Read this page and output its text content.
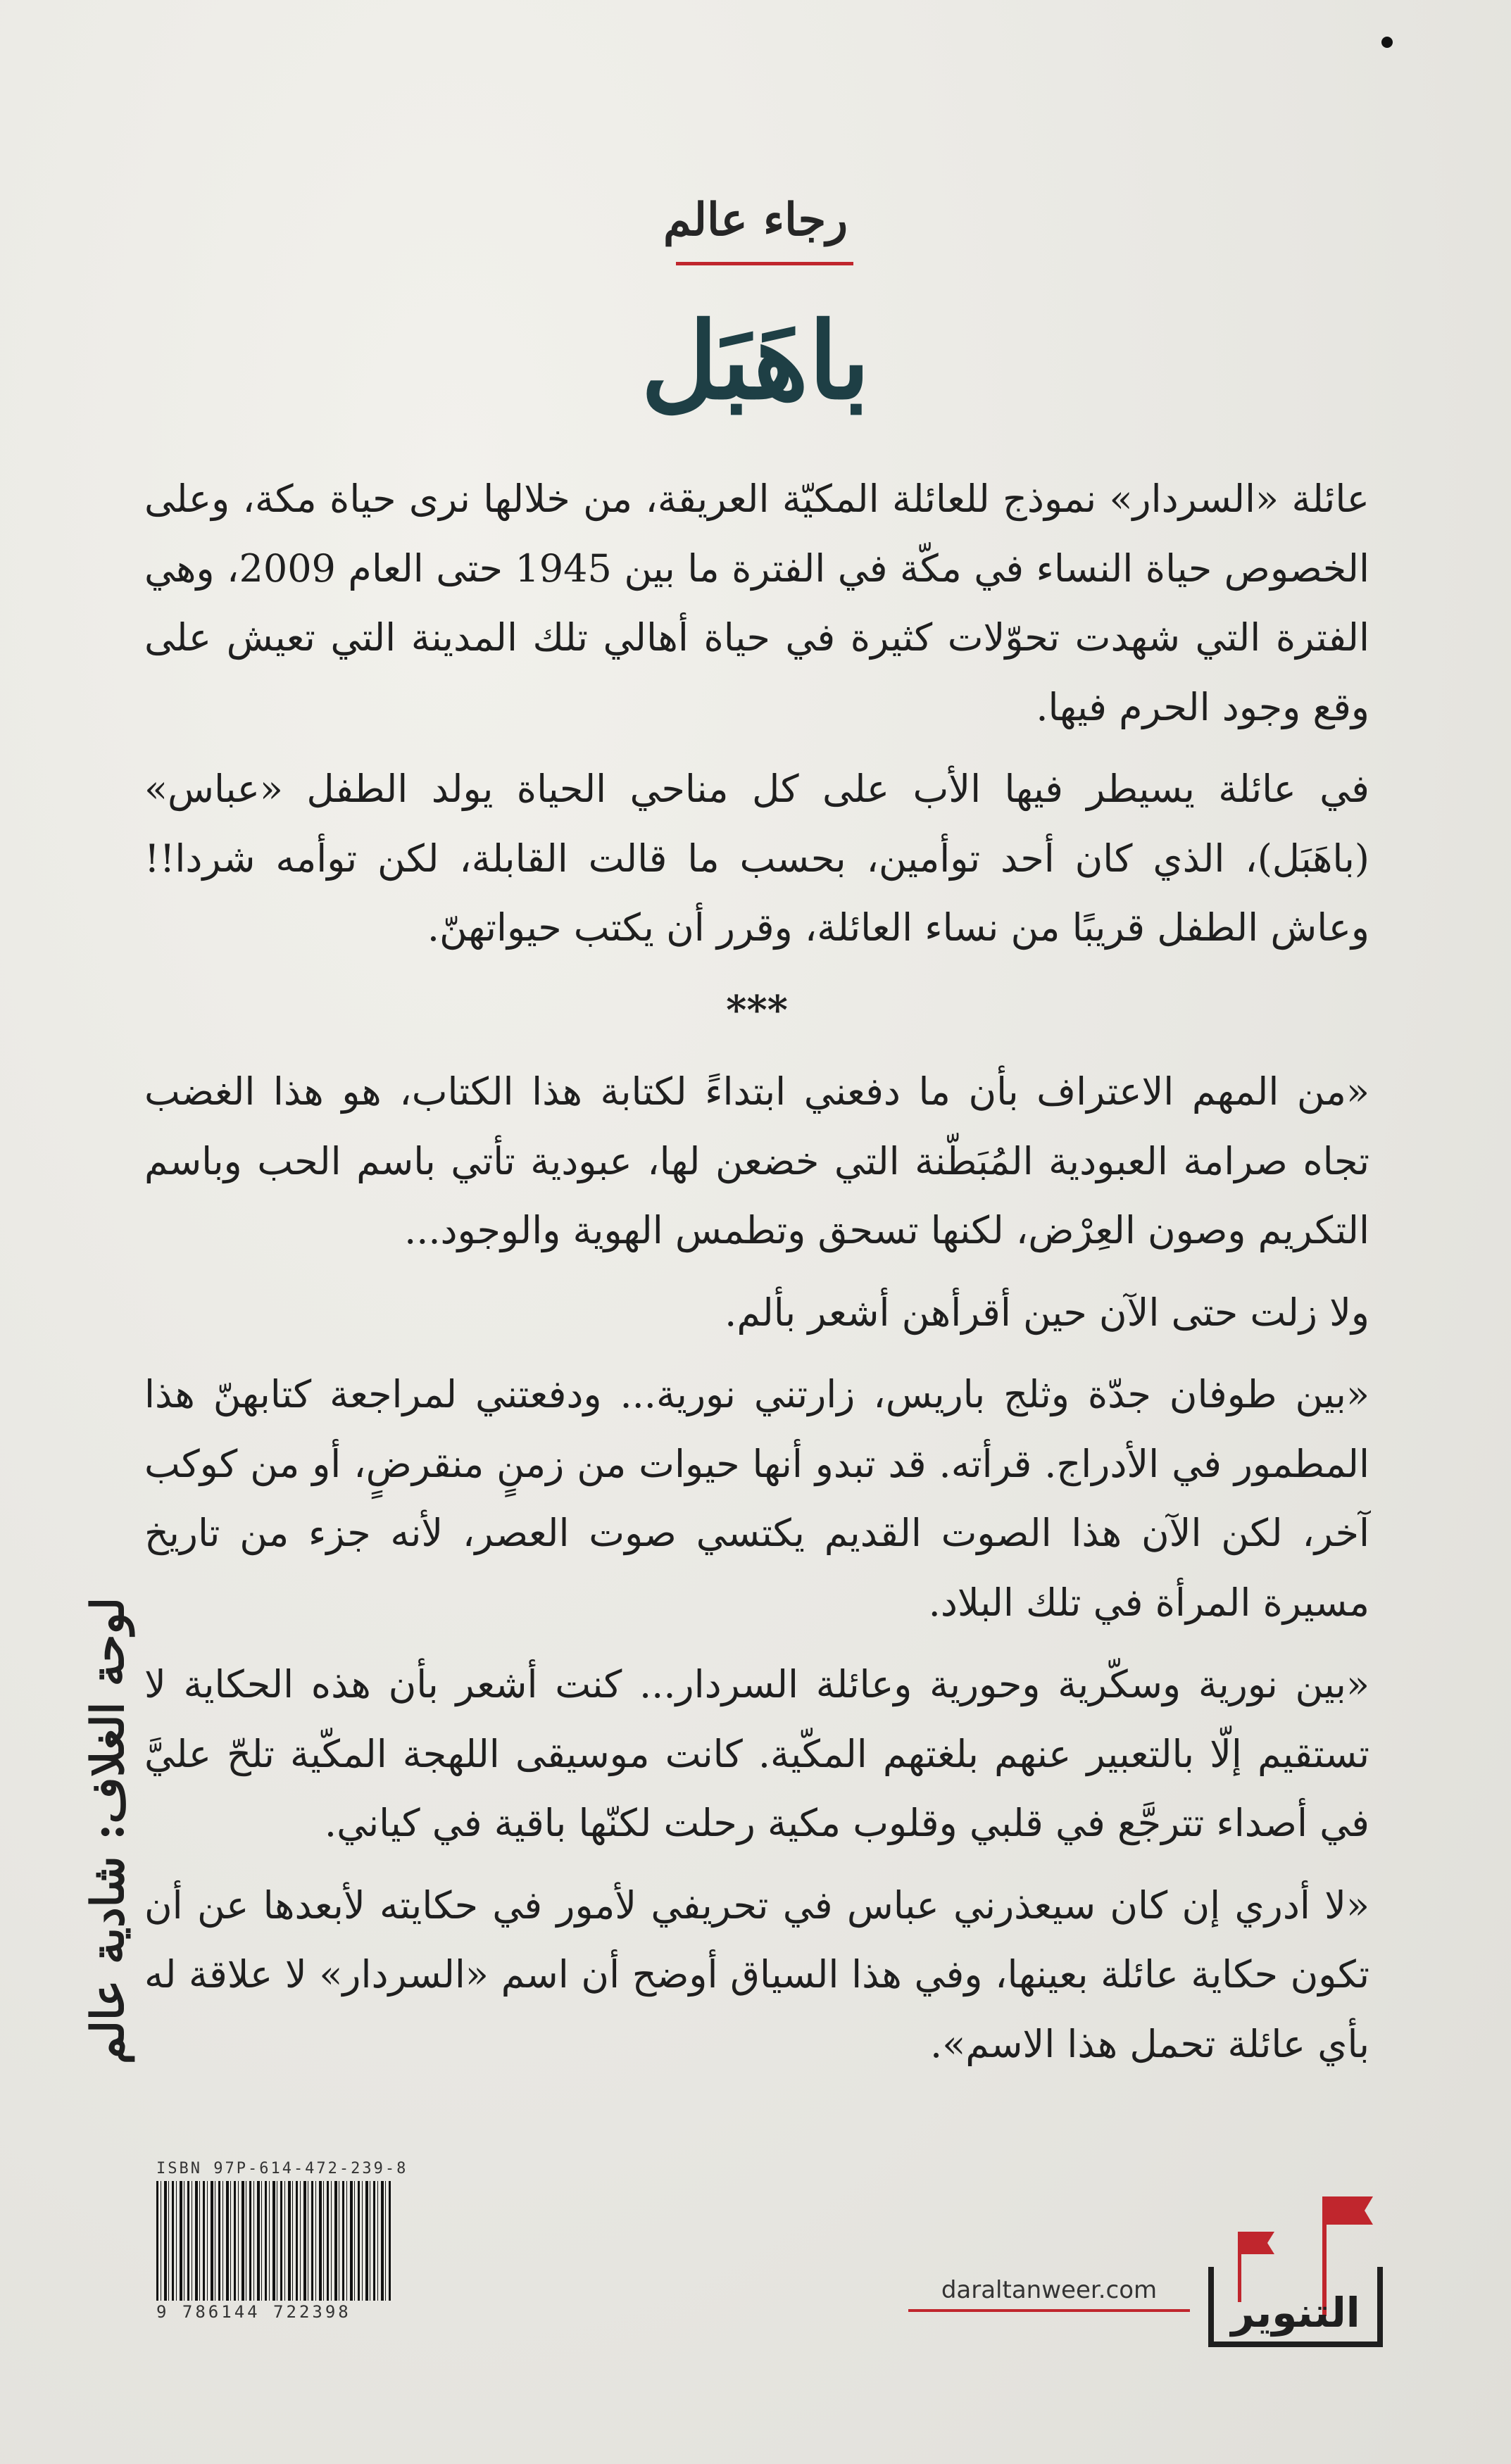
رجاء عالم
باهَبَل

عائلة «السردار» نموذج للعائلة المكيّة العريقة، من خلالها نرى حياة مكة، وعلى الخصوص حياة النساء في مكّة في الفترة ما بين 1945 حتى العام 2009، وهي الفترة التي شهدت تحوّلات كثيرة في حياة أهالي تلك المدينة التي تعيش على وقع وجود الحرم فيها.

في عائلة يسيطر فيها الأب على كل مناحي الحياة يولد الطفل «عباس» (باهَبَل)، الذي كان أحد توأمين، بحسب ما قالت القابلة، لكن توأمه شردا!! وعاش الطفل قريبًا من نساء العائلة، وقرر أن يكتب حيواتهنّ.

***

«من المهم الاعتراف بأن ما دفعني ابتداءً لكتابة هذا الكتاب، هو هذا الغضب تجاه صرامة العبودية المُبَطّنة التي خضعن لها، عبودية تأتي باسم الحب وباسم التكريم وصون العِرْض، لكنها تسحق وتطمس الهوية والوجود...

ولا زلت حتى الآن حين أقرأهن أشعر بألم.

«بين طوفان جدّة وثلج باريس، زارتني نورية... ودفعتني لمراجعة كتابهنّ هذا المطمور في الأدراج. قرأته. قد تبدو أنها حيوات من زمنٍ منقرضٍ، أو من كوكب آخر، لكن الآن هذا الصوت القديم يكتسي صوت العصر، لأنه جزء من تاريخ مسيرة المرأة في تلك البلاد.

«بين نورية وسكّرية وحورية وعائلة السردار... كنت أشعر بأن هذه الحكاية لا تستقيم إلّا بالتعبير عنهم بلغتهم المكّية. كانت موسيقى اللهجة المكّية تلحّ عليَّ في أصداء تترجَّع في قلبي وقلوب مكية رحلت لكنّها باقية في كياني.

«لا أدري إن كان سيعذرني عباس في تحريفي لأمور في حكايته لأبعدها عن أن تكون حكاية عائلة بعينها، وفي هذا السياق أوضح أن اسم «السردار» لا علاقة له بأي عائلة تحمل هذا الاسم».

لوحة الغلاف: شادية عالم
ISBN 97P-614-472-239-8
9 786144 722398
daraltanweer.com	التنوير
